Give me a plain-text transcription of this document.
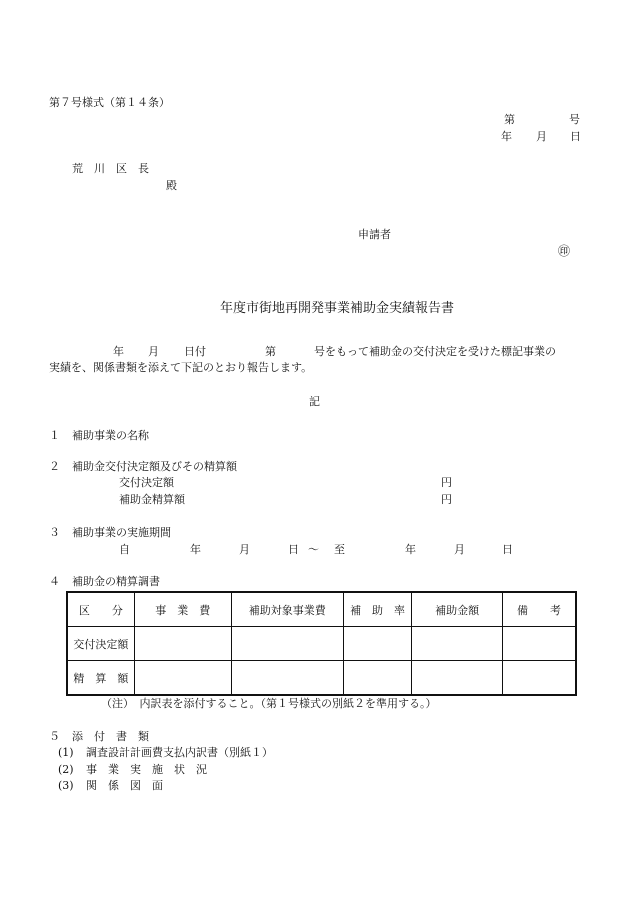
第７号様式（第１４条）
第	号
年 月 日
荒　川　区　長
殿
申請者
㊞
年度市街地再開発事業補助金実績報告書
年 月 日付	第	号をもって補助金の交付決定を受けた標記事業の
実績を、関係書類を添えて下記のとおり報告します。
記
１ 補助事業の名称
２ 補助金交付決定額及びその精算額
交付決定額	円
補助金精算額	円
３ 補助事業の実施期間
自	年	月	日 〜 至	年	月	日
４ 補助金の精算調書
区　　分	事　業　費	補助対象事業費	補　助　率	補助金額	備　　考
交付決定額					
精　算　額					
（注）　内訳表を添付すること。（第１号様式の別紙２を準用する。）
５ 添　付　書　類
(1) 調査設計計画費支払内訳書（別紙１）
(2) 事　業　実　施　状　況
(3) 関　係　図　面
